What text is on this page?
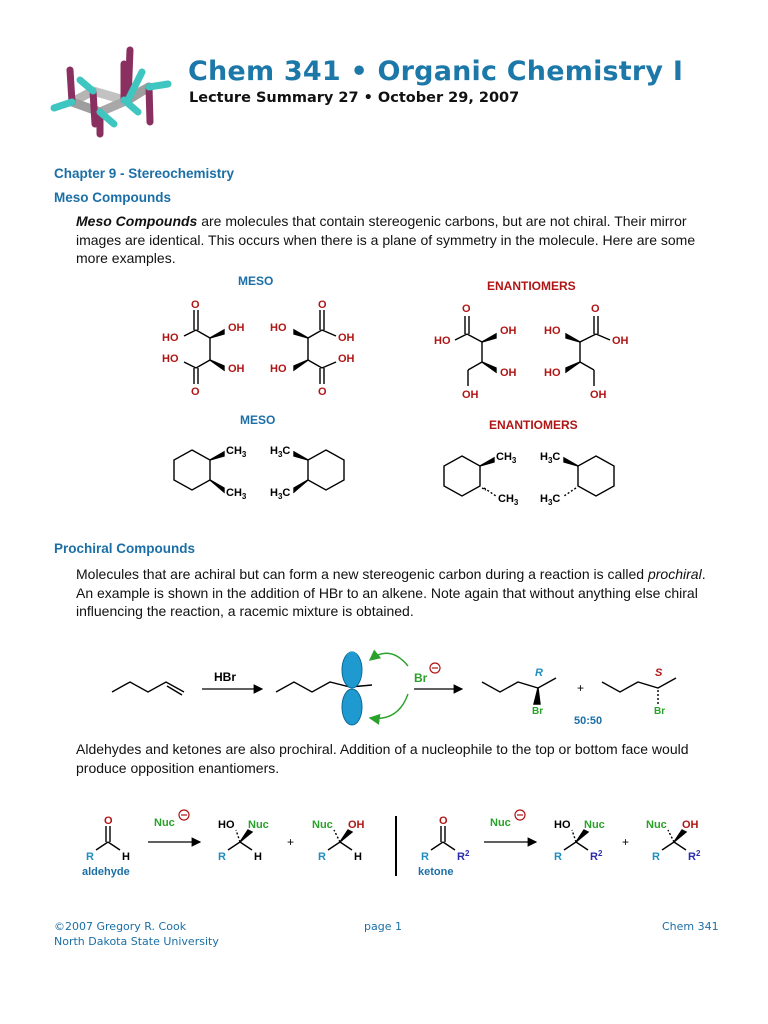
Chem 341 • Organic Chemistry I
Lecture Summary 27 • October 29, 2007
Chapter 9 - Stereochemistry
Meso Compounds
Meso Compounds are molecules that contain stereogenic carbons, but are not chiral. Their mirror images are identical. This occurs when there is a plane of symmetry in the molecule. Here are some more examples.
MESO	ENANTIOMERS
MESO	ENANTIOMERS
O
HO
OH
HO
OH
O
O
HO
OH
HO
OH
O
O
HO
OH
OH
OH
O
HO
OH
HO
OH
$CH_3$
$CH_3$
$H_3C$
$H_3C$
$CH_3$
$CH_3$
$H_3C$
$H_3C$
Prochiral Compounds
Molecules that are achiral but can form a new stereogenic carbon during a reaction is called prochiral. An example is shown in the addition of HBr to an alkene. Note again that without anything else chiral influencing the reaction, a racemic mixture is obtained.
HBr
+
Br	R
Br
+
S
Br
50:50
Aldehydes and ketones are also prochiral. Addition of a nucleophile to the top or bottom face would produce opposition enantiomers.
O
R	H
aldehyde
Nuc	HO Nuc
R	H
+
Nuc OH
R	H
O
R	$R^2$
ketone
Nuc	HO Nuc
R	$R^2$
+
Nuc OH
R	$R^2$
©2007 Gregory R. Cook
North Dakota State University
page 1	Chem 341
